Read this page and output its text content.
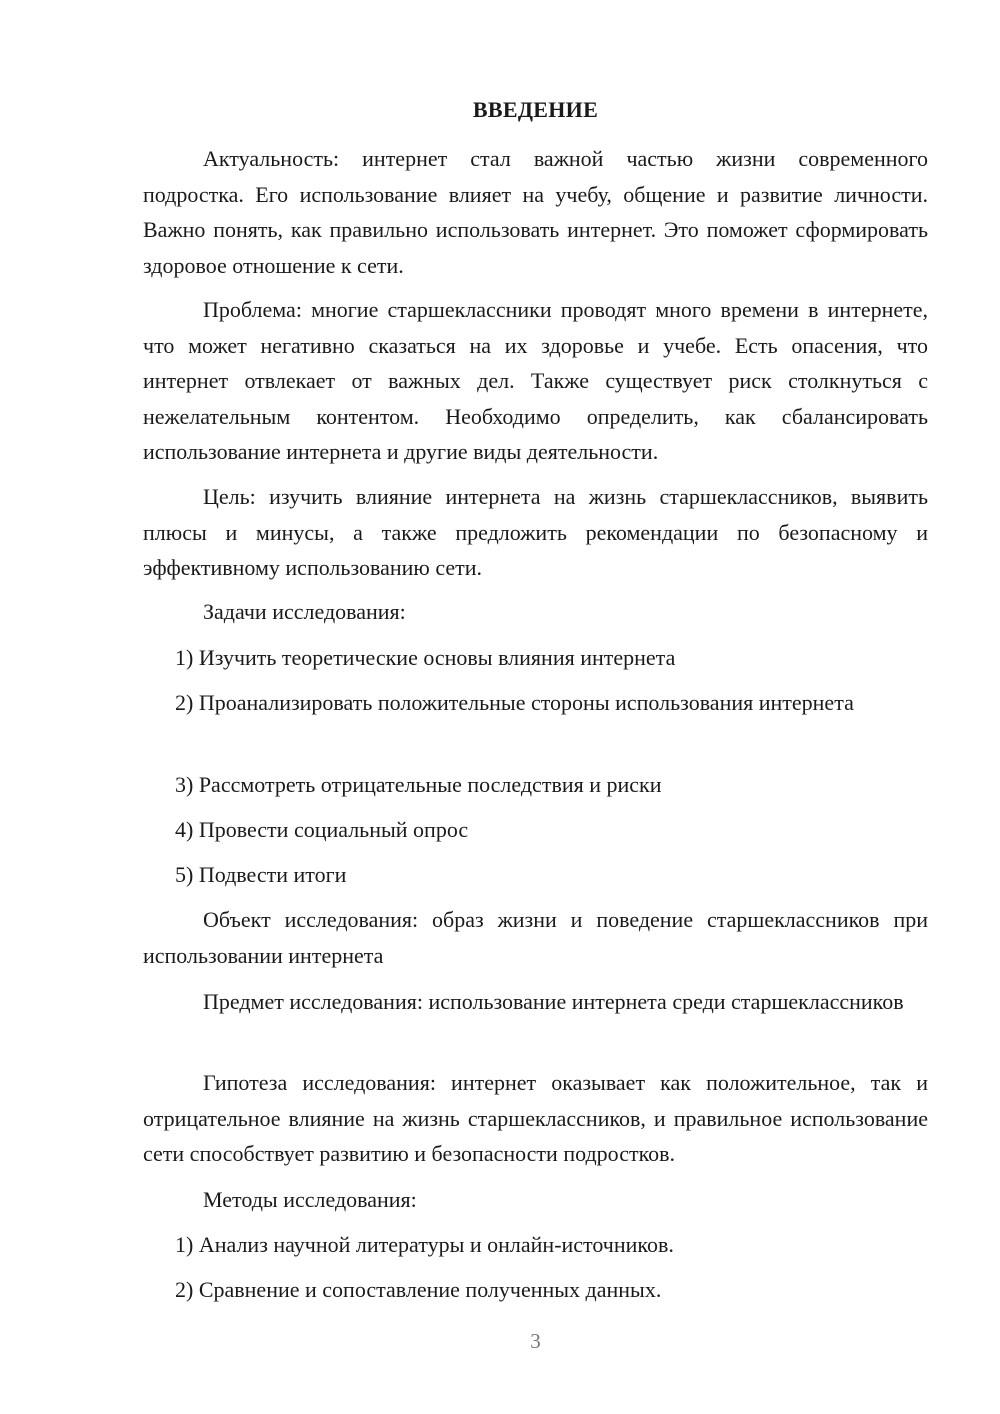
ВВЕДЕНИЕ

Актуальность: интернет стал важной частью жизни современного подростка. Его использование влияет на учебу, общение и развитие личности. Важно понять, как правильно использовать интернет. Это поможет сформировать здоровое отношение к сети.

Проблема: многие старшеклассники проводят много времени в интернете, что может негативно сказаться на их здоровье и учебе. Есть опасения, что интернет отвлекает от важных дел. Также существует риск столкнуться с нежелательным контентом. Необходимо определить, как сбалансировать использование интернета и другие виды деятельности.

Цель: изучить влияние интернета на жизнь старшеклассников, выявить плюсы и минусы, а также предложить рекомендации по безопасному и эффективному использованию сети.

Задачи исследования:

1) Изучить теоретические основы влияния интернета

2) Проанализировать положительные стороны использования интернета

3) Рассмотреть отрицательные последствия и риски

4) Провести социальный опрос

5) Подвести итоги

Объект исследования: образ жизни и поведение старшеклассников при использовании интернета

Предмет исследования: использование интернета среди старшеклассников

Гипотеза исследования: интернет оказывает как положительное, так и отрицательное влияние на жизнь старшеклассников, и правильное использование сети способствует развитию и безопасности подростков.

Методы исследования:

1) Анализ научной литературы и онлайн-источников.

2) Сравнение и сопоставление полученных данных.

3
